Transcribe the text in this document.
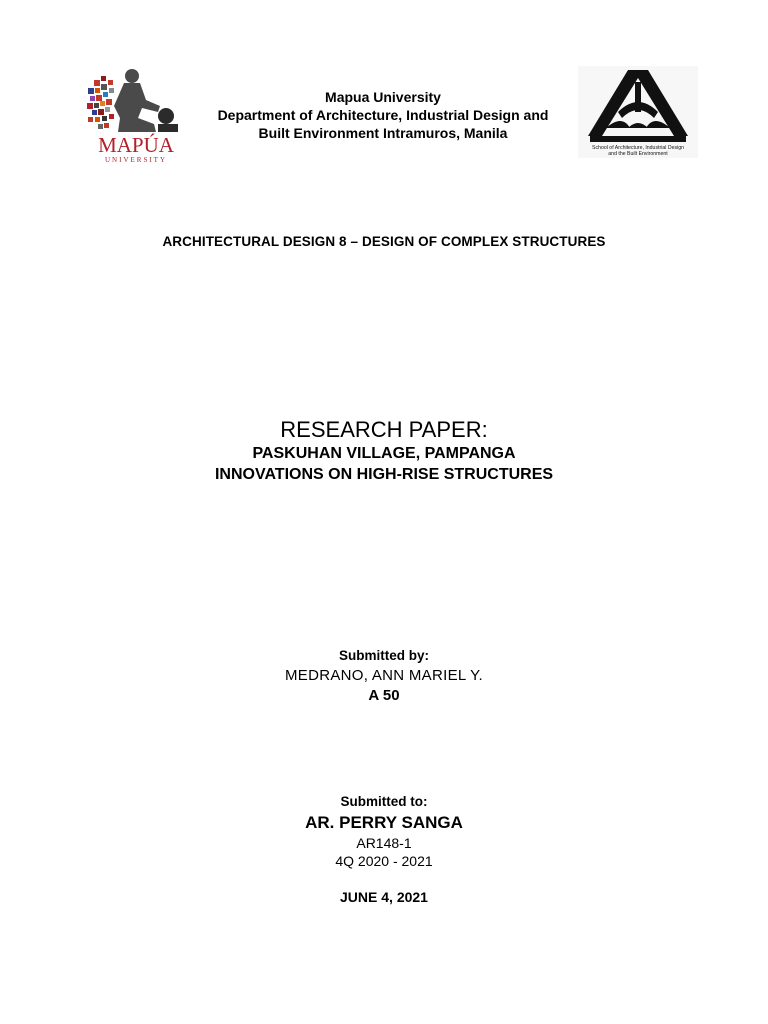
MAPÚA
UNIVERSITY
School of Architecture, Industrial Design
and the Built Environment
Mapua University
Department of Architecture, Industrial Design and
Built Environment Intramuros, Manila
ARCHITECTURAL DESIGN 8 – DESIGN OF COMPLEX STRUCTURES
RESEARCH PAPER:
PASKUHAN VILLAGE, PAMPANGA
INNOVATIONS ON HIGH-RISE STRUCTURES
Submitted by:
MEDRANO, ANN MARIEL Y.
A 50
Submitted to:
AR. PERRY SANGA
AR148-1
4Q 2020 - 2021
JUNE 4, 2021
